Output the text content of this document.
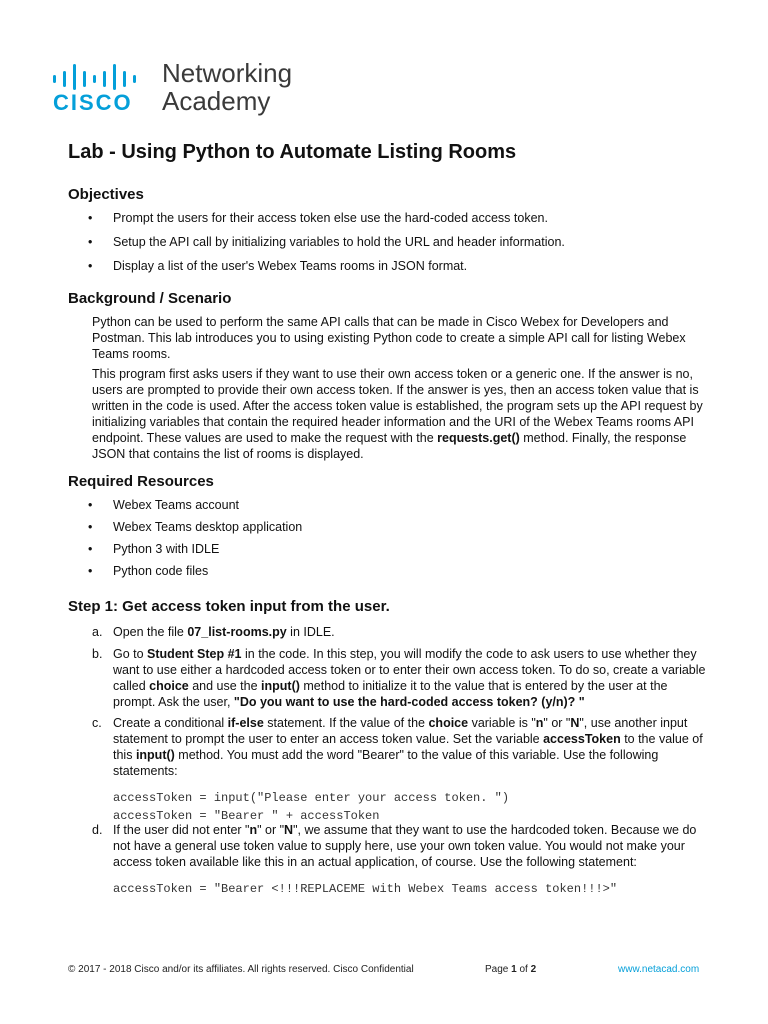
CISCO
Networking
Academy
Lab - Using Python to Automate Listing Rooms
Objectives
• Prompt the users for their access token else use the hard-coded access token.
• Setup the API call by initializing variables to hold the URL and header information.
• Display a list of the user's Webex Teams rooms in JSON format.
Background / Scenario

Python can be used to perform the same API calls that can be made in Cisco Webex for Developers and Postman. This lab introduces you to using existing Python code to create a simple API call for listing Webex Teams rooms.

This program first asks users if they want to use their own access token or a generic one. If the answer is no, users are prompted to provide their own access token. If the answer is yes, then an access token value that is written in the code is used. After the access token value is established, the program sets up the API request by initializing variables that contain the required header information and the URI of the Webex Teams rooms API endpoint. These values are used to make the request with the requests.get() method. Finally, the response JSON that contains the list of rooms is displayed.

Required Resources
• Webex Teams account
• Webex Teams desktop application
• Python 3 with IDLE
• Python code files
Step 1: Get access token input from the user.
a. Open the file 07_list-rooms.py in IDLE.
b. Go to Student Step #1 in the code. In this step, you will modify the code to ask users to use whether they want to use either a hardcoded access token or to enter their own access token. To do so, create a variable called choice and use the input() method to initialize it to the value that is entered by the user at the prompt. Ask the user, "Do you want to use the hard-coded access token? (y/n)? "
c. Create a conditional if-else statement. If the value of the choice variable is "n" or "N", use another input statement to prompt the user to enter an access token value. Set the variable accessToken to the value of this input() method. You must add the word "Bearer" to the value of this variable. Use the following statements:
accessToken = input("Please enter your access token. ")
accessToken = "Bearer " + accessToken
d. If the user did not enter "n" or "N", we assume that they want to use the hardcoded token. Because we do not have a general use token value to supply here, use your own token value. You would not make your access token available like this in an actual application, of course. Use the following statement:
accessToken = "Bearer <!!!REPLACEME with Webex Teams access token!!!>"
© 2017 - 2018 Cisco and/or its affiliates. All rights reserved. Cisco Confidential	Page 1 of 2	www.netacad.com
